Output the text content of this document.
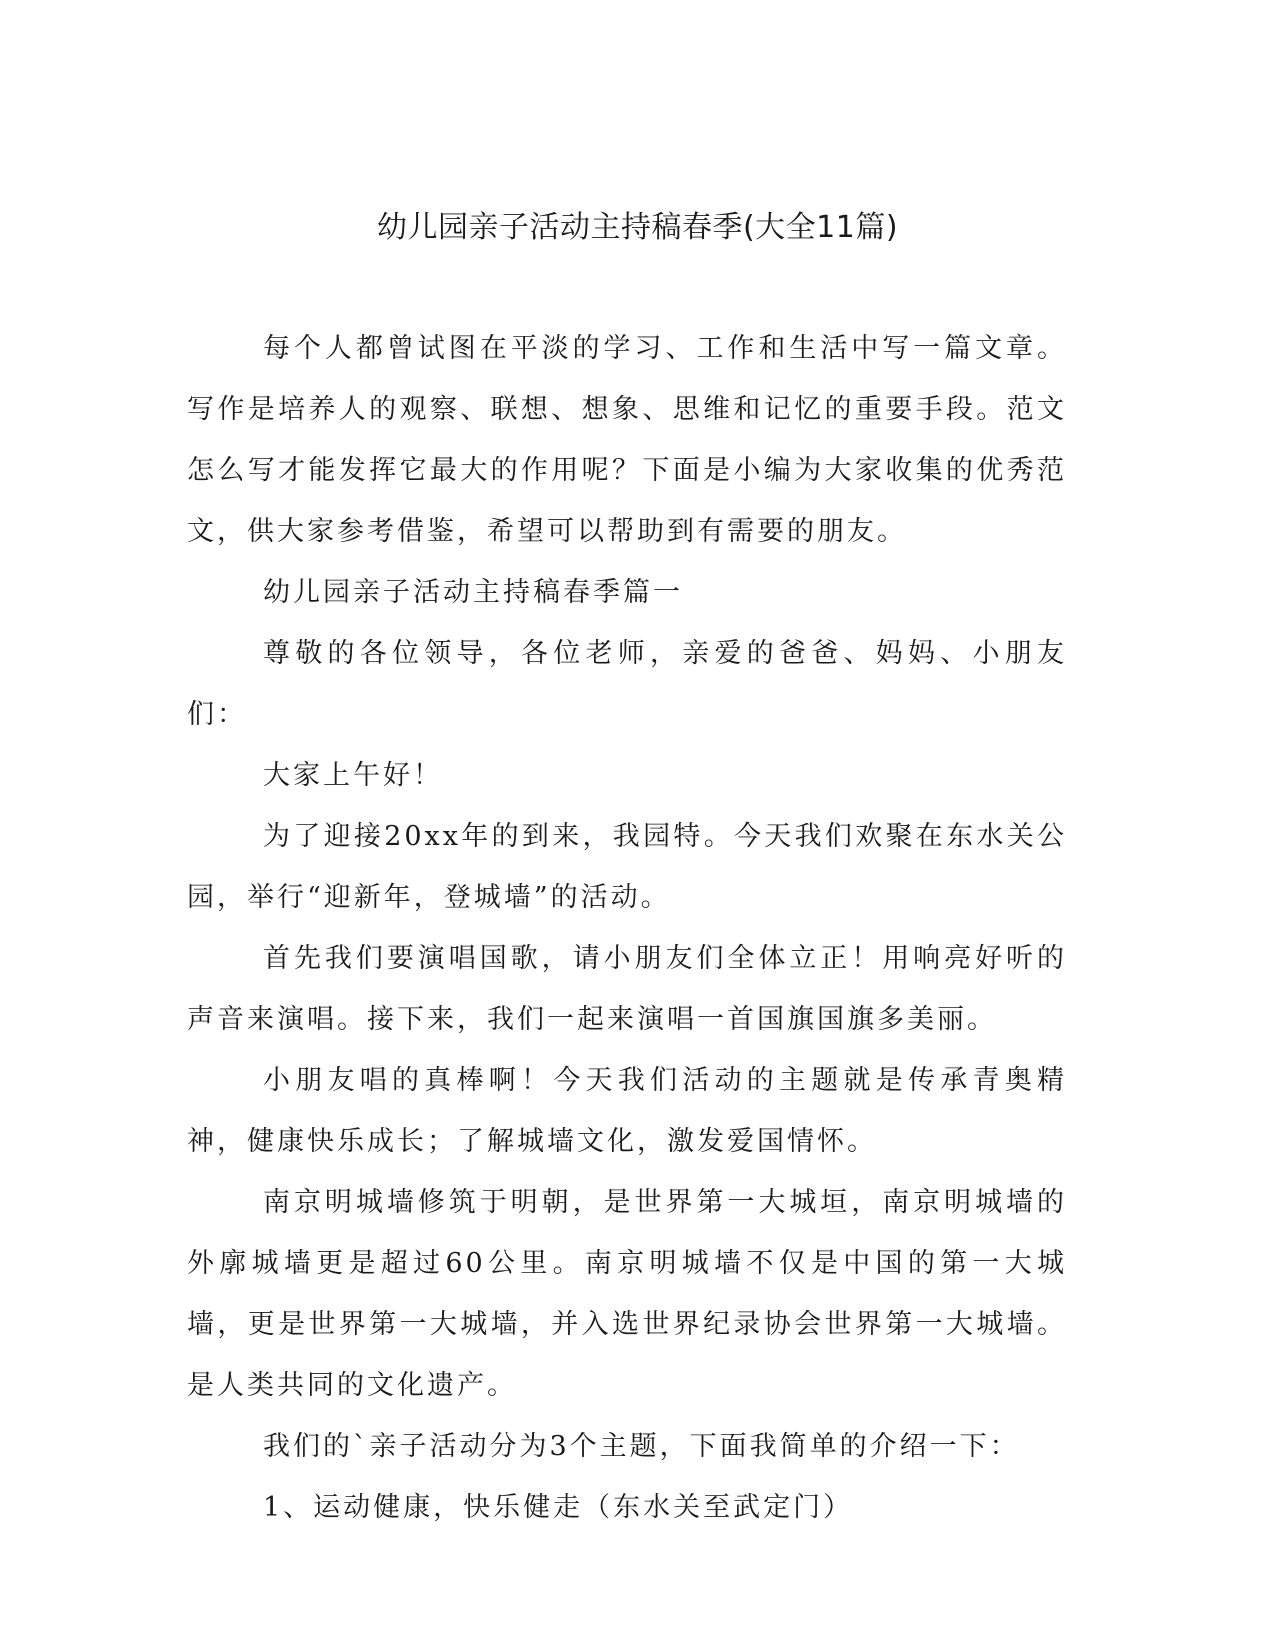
幼儿园亲子活动主持稿春季(大全11篇)

每个人都曾试图在平淡的学习、工作和生活中写一篇文章。写作是培养人的观察、联想、想象、思维和记忆的重要手段。范文怎么写才能发挥它最大的作用呢？下面是小编为大家收集的优秀范文，供大家参考借鉴，希望可以帮助到有需要的朋友。

幼儿园亲子活动主持稿春季篇一

尊敬的各位领导，各位老师，亲爱的爸爸、妈妈、小朋友们：

大家上午好！

为了迎接20xx年的到来，我园特。今天我们欢聚在东水关公园，举行“迎新年，登城墙”的活动。

首先我们要演唱国歌，请小朋友们全体立正！用响亮好听的声音来演唱。接下来，我们一起来演唱一首国旗国旗多美丽。

小朋友唱的真棒啊！今天我们活动的主题就是传承青奥精神，健康快乐成长；了解城墙文化，激发爱国情怀。

南京明城墙修筑于明朝，是世界第一大城垣，南京明城墙的外廓城墙更是超过60公里。南京明城墙不仅是中国的第一大城墙，更是世界第一大城墙，并入选世界纪录协会世界第一大城墙。是人类共同的文化遗产。

我们的`亲子活动分为3个主题，下面我简单的介绍一下：

1、运动健康，快乐健走（东水关至武定门）
